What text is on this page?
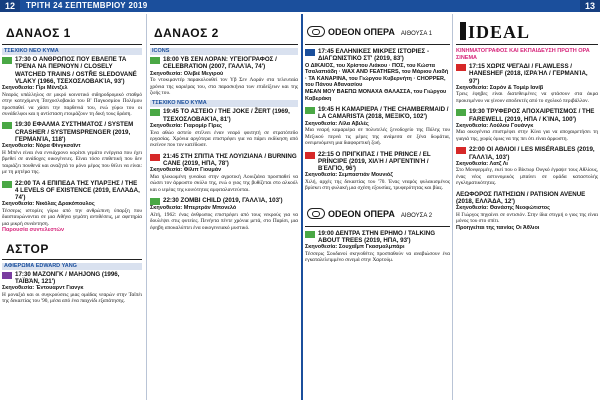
12	ΤΡΙΤΗ 24 ΣΕΠΤΕΜΒΡΙΟΥ 2019	13
ΔΑΝΑΟΣ 1
ΤΣΕΧΙΚΟ ΝΕΟ ΚΥΜΑ
17:30 Ο ΑΝΘΡΩΠΟΣ ΠΟΥ ΕΒΛΕΠΕ ΤΑ ΤΡΕΝΑ ΝΑ ΠΕΡΝΟΥΝ / CLOSELY WATCHED TRAINS / OSTŘE SLEDOVANÉ VLAKY (1966, ΤΣΕΧΟΣΛΟΒΑΚΊΑ, 93')
Σκηνοθεσία: Γίρι Μέντζελ
Νεαρός υπάλληλος σε μικρό κοινοτικό σιδηροδρομικό σταθμό στην κατεχόμενη Τσεχοσλοβακία του Β' Παγκοσμίου Πολέμου προσπαθεί να χάσει την παρθενιά του, ενώ γύρω του οι συνάδελφοι και η αντίσταση ετοιμάζουν τη δική τους δράση.
19:30 ΕΦΑΛΜΑ ΣΥΣΤΗΜΑΤΟΣ / SYSTEM CRASHER / SYSTEMSPRENGER (2019, ΓΕΡΜΑΝΊΑ, 118')
Σκηνοθεσία: Νόρα Φίνγκσαϊντ
Η Μπένι είναι ένα εννιάχρονο κορίτσι γεμάτο ενέργεια που έχει βρεθεί σε ανάδοχες οικογένειες. Είναι τόσο επιθετική που δεν ταιριάζει πουθενά και αναζητά το μόνο μέρος που θέλει να είναι: με τη μητέρα της.
22:00 ΤΑ 4 ΕΠΙΠΕΔΑ ΤΗΣ ΥΠΑΡΞΗΣ / THE 4 LEVELS OF EXISTENCE (2019, ΕΛΛΆΔΑ, 74')
Σκηνοθεσία: Νικόλας Δρακόπουλος
Τέσσερις ιστορίες γύρω από την ανθρώπινη ύπαρξη που διασταυρώνονται σε μια Αθήνα γεμάτη αντιθέσεις, με αφετηρία μια μικρή συνάντηση.
Παρουσία συντελεστών
ΑΣΤΟΡ
ΑΦΙΕΡΩΜΑ EDWARD YANG
17:30 ΜΑΖΟΝΓΚ / MAHJONG (1996, ΤΑΪΒΆΝ, 121')
Σκηνοθεσία: Έντουαρντ Γιανγκ
Η μοναξιά και οι συγκρούσεις μιας ομάδας νεαρών στην Ταϊπέι της δεκαετίας του '90, μέσα από ένα παιχνίδι εξαπάτησης.
ΔΑΝΑΟΣ 2
ICONS
18:00 ΥΒ ΣΕΝ ΛΟΡΑΝ: ΥΓΕΙΟΓΡΑΦΟΣ / CELEBRATION (2007, ΓΑΛΛΊΑ, 74')
Σκηνοθεσία: Ολιβιέ Μεγιρού
Το ντοκιμαντέρ παρακολουθεί τον Υβ Σεν Λοράν στα τελευταία χρόνια της καριέρας του, στα παρασκήνια των επιδείξεων και της ζωής του.
ΤΣΕΧΙΚΟ ΝΕΟ ΚΥΜΑ
19:45 ΤΟ ΑΣΤΕΙΟ / THE JOKE / ŽERT (1969, ΤΣΕΧΟΣΛΟΒΑΚΊΑ, 81')
Σκηνοθεσία: Γιαρομίρ Γίρες
Ένα αθώο αστείο στέλνει έναν νεαρό φοιτητή σε στρατόπεδο εργασίας. Χρόνια αργότερα επιστρέφει για να πάρει εκδίκηση από εκείνον που τον κατέδωσε.
21:45 ΣΤΗ ΣΠΙΤΙΑ ΤΗΣ ΛΟΥΙΖΙΑΝΑ / BURNING CANE (2019, ΗΠΑ, 78')
Σκηνοθεσία: Φίλιπ Γιουμάν
Μια ηλικιωμένη γυναίκα στην αγροτική Λουιζιάνα προσπαθεί να σώσει τον άρρωστο σκύλο της, ενώ ο γιος της βυθίζεται στο αλκοόλ και ο ιερέας της κοινότητας αμφιταλαντεύεται.
22:30 ZOMBI CHILD (2019, ΓΑΛΛΊΑ, 103')
Σκηνοθεσία: Μπερτράν Μπονελό
Αϊτή, 1962: ένας άνθρωπος επιστρέφει από τους νεκρούς για να δουλέψει στις φυτείες. Πενήντα πέντε χρόνια μετά, στο Παρίσι, μια έφηβη αποκαλύπτει ένα οικογενειακό μυστικό.
ODEON ΟΠΕΡΑ ΑΙΘΟΥΣΑ 1
17:45 ΕΛΛΗΝΙΚΕΣ ΜΙΚΡΕΣ ΙΣΤΟΡΙΕΣ - ΔΙΑΓΩΝΙΣΤΙΚΟ ΣΤ' (2019, 83')
Ο ΔΙΚΑΙΟΣ, του Χρίστου Λιάκου · ΠΟΣ, του Κώστα Τσαλαπιάδη · WAX AND FEATHERS, του Μάριου Λιαδή · ΤΑ ΚΑΝΑΡΙΝΑ, του Γιώργου Κυβερνήτη · CHOPPER, του Πάνου Αθανασίου
MEAN MOY ΒΑΕΠΩ ΜΟΝΑΧΑ ΘΑΛΑΣΣΑ, του Γιώργου Καβεράκη
19:45 Η ΚΑΜΑΡΙΕΡΑ / THE CHAMBERMAID / LA CAMARISTA (2018, ΜΕΞΙΚΌ, 102')
Σκηνοθεσία: Λίλα Αβιλές
Μια νεαρή καμαριέρα σε πολυτελές ξενοδοχείο της Πόλης του Μεξικού περνά τις μέρες της ανάμεσα σε ξένα δωμάτια, ονειρευόμενη μια διαφορετική ζωή.
22:15 Ο ΠΡΙΓΚΙΠΑΣ / THE PRINCE / EL PRÍNCIPE (2019, ΧΙΛΉ / ΑΡΓΕΝΤΙΝΉ / ΒΈΛΓΙΟ, 96')
Σκηνοθεσία: Σεμπαστιάν Μουνιόζ
Χιλή, αρχές της δεκαετίας του '70. Ένας νεαρός φυλακισμένος βρίσκει στη φυλακή μια σχέση εξουσίας, τρυφερότητας και βίας.
ODEON ΟΠΕΡΑ ΑΙΘΟΥΣΑ 2
19:00 ΔΕΝΤΡΑ ΣΤΗΝ ΕΡΗΜΟ / TALKING ABOUT TREES (2019, ΗΠΑ, 93')
Σκηνοθεσία: Σουχαΐμπ Γκασμαλμπάρι
Τέσσερις Σουδανοί σκηνοθέτες προσπαθούν να αναβιώσουν ένα εγκαταλελειμμένο σινεμά στην Χαρτούμ.
IDEAL
ΚΙΝΗΜΑΤΟΓΡΑΦΟΣ ΚΑΙ ΕΚΠΑΙΔΕΥΣΗ ΠΡΩΤΗ ΟΡΑ ΣΙΝΕΜΑ
17:15 ΧΩΡΙΣ ΨΕΓΑΔΙ / FLAWLESS / HANESHEF (2018, ΙΣΡΑΉΛ / ΓΕΡΜΑΝΊΑ, 97')
Σκηνοθεσία: Σαρόν & Τομέρ Ιανίβ
Τρεις έφηβες είναι διατεθειμένες να φτάσουν στα άκρα προκειμένου να γίνουν αποδεκτές από το σχολικό περιβάλλον.
19:30 ΤΡΥΦΕΡΟΣ ΑΠΟΧΑΙΡΕΤΙΣΜΟΣ / THE FAREWELL (2019, ΗΠΑ / ΚΊΝΑ, 100')
Σκηνοθεσία: Λούλου Γουάνγκ
Μια οικογένεια επιστρέφει στην Κίνα για να αποχαιρετήσει τη γιαγιά της, χωρίς όμως να της πει ότι είναι άρρωστη.
22:00 ΟΙ ΑΘΛΙΟΙ / LES MISÉRABLES (2019, ΓΑΛΛΊΑ, 103')
Σκηνοθεσία: Λατζ Λι
Στο Μονφερμέιγ, εκεί που ο Βίκτωρ Ουγκό έγραψε τους Αθλίους, ένας νέος αστυνομικός μπαίνει σε ομάδα καταστολής εγκληματικότητας.
ΛΕΩΦΟΡΟΣ ΠΑΤΗΣΙΩΝ / PATISION AVENUE
(2018, ΕΛΛΆΔΑ, 12')
Σκηνοθεσία: Θανάσης Νεοφώτιστος
Η Γιώργος πηγαίνει σε οντισιόν. Στην ίδια στιγμή ο γιος της είναι μόνος του στο σπίτι.
Προηγείται της ταινίας Οι Άθλιοι
